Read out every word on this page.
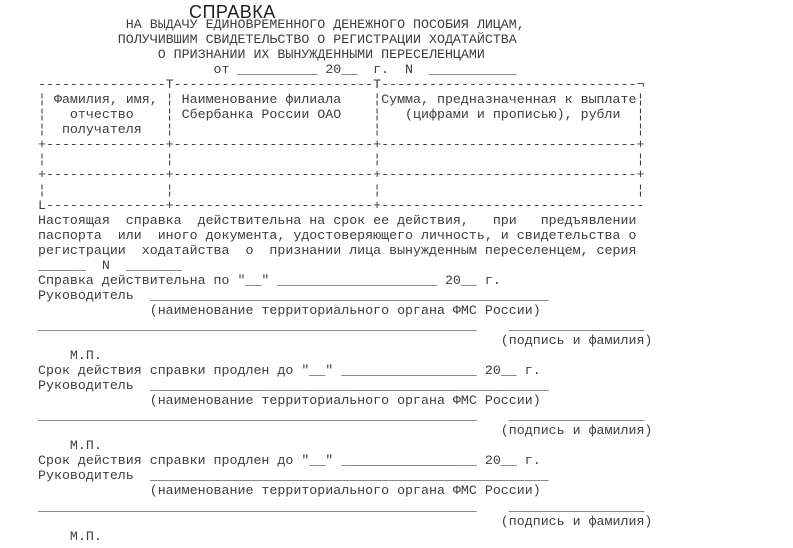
СПРАВКА
НА ВЫДАЧУ ЕДИНОВРЕМЕННОГО ДЕНЕЖНОГО ПОСОБИЯ ЛИЦАМ,
ПОЛУЧИВШИМ СВИДЕТЕЛЬСТВО О РЕГИСТРАЦИИ ХОДАТАЙСТВА
О ПРИЗНАНИИ ИХ ВЫНУЖДЕННЫМИ ПЕРЕСЕЛЕНЦАМИ
от __________ 20__  г.  N  ___________
----------------T-------------------------T--------------------------------¬
¦ Фамилия, имя, ¦ Наименование филиала    ¦Сумма, предназначенная к выплате¦
¦   отчество    ¦ Сбербанка России ОАО    ¦   (цифрами и прописью), рубли  ¦
¦  получателя   ¦                         ¦                                ¦
+---------------+-------------------------+--------------------------------+
¦               ¦                         ¦                                ¦
+---------------+-------------------------+--------------------------------+
¦               ¦                         ¦                                ¦
L---------------+-------------------------+---------------------------------
Настоящая  справка  действительна на срок ее действия,   при   предъявлении
паспорта  или  иного документа, удостоверяющего личность, и свидетельства о
регистрации  ходатайства  о  признании лица вынужденным переселенцем, серия
______  N  _______
Справка действительна по "__" ____________________ 20__ г.
Руководитель  __________________________________________________
(наименование территориального органа ФМС России)
_______________________________________________________    _________________
(подпись и фамилия)
М.П.
Срок действия справки продлен до "__" _________________ 20__ г.
Руководитель  __________________________________________________
(наименование территориального органа ФМС России)
_______________________________________________________    _________________
(подпись и фамилия)
М.П.
Срок действия справки продлен до "__" _________________ 20__ г.
Руководитель  __________________________________________________
(наименование территориального органа ФМС России)
_______________________________________________________    _________________
(подпись и фамилия)
М.П.
